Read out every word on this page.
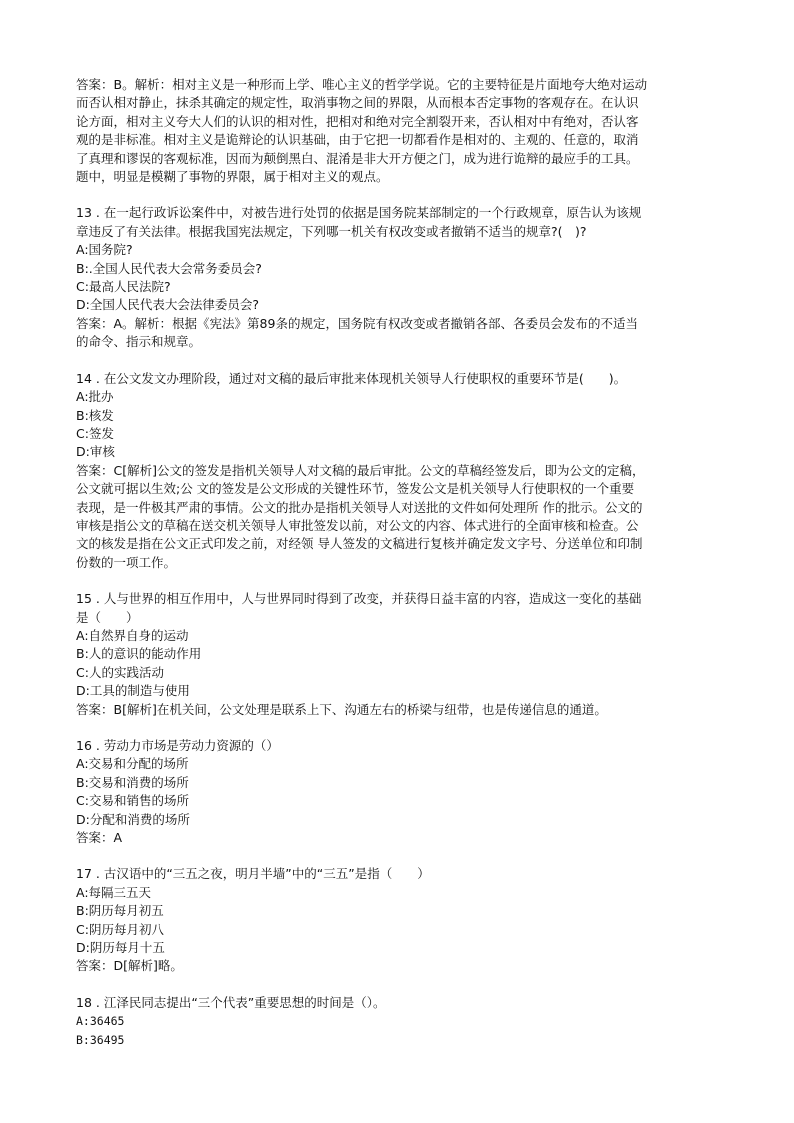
答案：B。解析：相对主义是一种形而上学、唯心主义的哲学学说。它的主要特征是片面地夸大绝对运动
而否认相对静止，抹杀其确定的规定性，取消事物之间的界限，从而根本否定事物的客观存在。在认识
论方面，相对主义夸大人们的认识的相对性，把相对和绝对完全割裂开来，否认相对中有绝对，否认客
观的是非标准。相对主义是诡辩论的认识基础，由于它把一切都看作是相对的、主观的、任意的，取消
了真理和谬误的客观标准，因而为颠倒黑白、混淆是非大开方便之门，成为进行诡辩的最应手的工具。
题中，明显是模糊了事物的界限，属于相对主义的观点。
13 . 在一起行政诉讼案件中，对被告进行处罚的依据是国务院某部制定的一个行政规章，原告认为该规
章违反了有关法律。根据我国宪法规定，下列哪一机关有权改变或者撤销不适当的规章?(　)?
A:国务院?
B:.全国人民代表大会常务委员会?
C:最高人民法院?
D:全国人民代表大会法律委员会?
答案：A。解析：根据《宪法》第89条的规定，国务院有权改变或者撤销各部、各委员会发布的不适当
的命令、指示和规章。
14 . 在公文发文办理阶段，通过对文稿的最后审批来体现机关领导人行使职权的重要环节是(　　)。
A:批办
B:核发
C:签发
D:审核
答案：C[解析]公文的签发是指机关领导人对文稿的最后审批。公文的草稿经签发后，即为公文的定稿，
公文就可据以生效;公 文的签发是公文形成的关键性环节，签发公文是机关领导人行使职权的一个重要
表现，是一件极其严肃的事情。公文的批办是指机关领导人对送批的文件如何处理所 作的批示。公文的
审核是指公文的草稿在送交机关领导人审批签发以前，对公文的内容、体式进行的全面审核和检查。公
文的核发是指在公文正式印发之前，对经领 导人签发的文稿进行复核并确定发文字号、分送单位和印制
份数的一项工作。
15 . 人与世界的相互作用中，人与世界同时得到了改变，并获得日益丰富的内容，造成这一变化的基础
是（　　）
A:自然界自身的运动
B:人的意识的能动作用
C:人的实践活动
D:工具的制造与使用
答案：B[解析]在机关间，公文处理是联系上下、沟通左右的桥梁与纽带，也是传递信息的通道。
16 . 劳动力市场是劳动力资源的（）
A:交易和分配的场所
B:交易和消费的场所
C:交易和销售的场所
D:分配和消费的场所
答案：A
17 . 古汉语中的“三五之夜，明月半墙”中的“三五”是指（　　）
A:每隔三五天
B:阴历每月初五
C:阴历每月初八
D:阴历每月十五
答案：D[解析]略。
18 . 江泽民同志提出“三个代表”重要思想的时间是（）。
A:36465
B:36495
